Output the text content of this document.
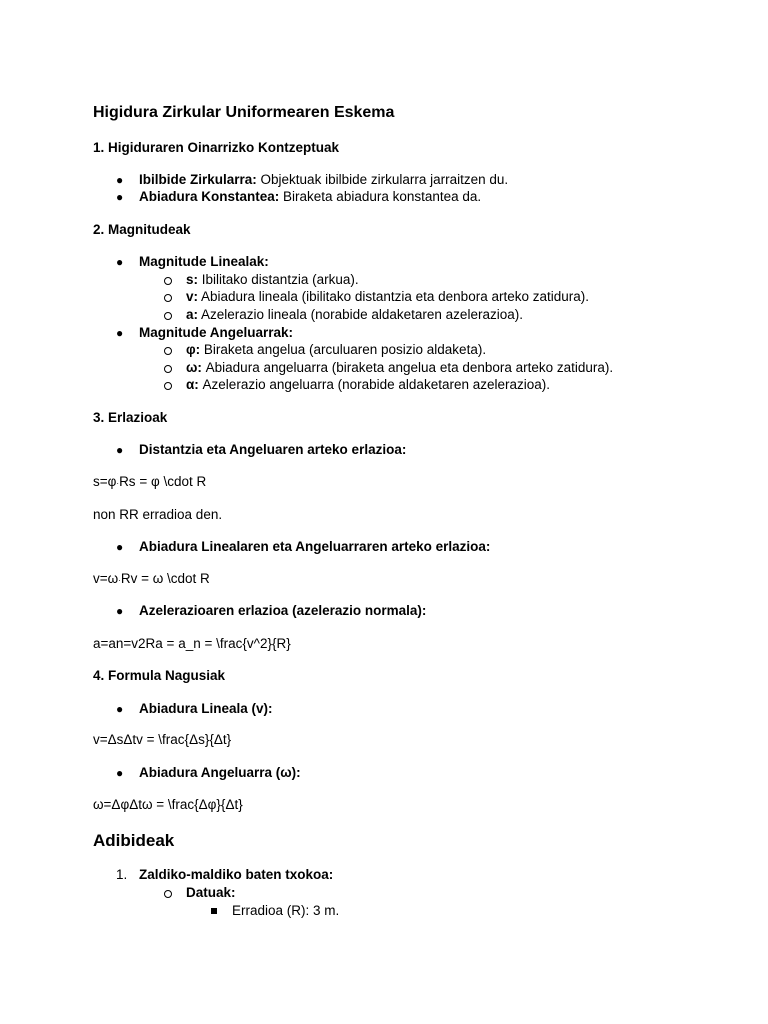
Higidura Zirkular Uniformearen Eskema
1. Higiduraren Oinarrizko Kontzeptuak
● Ibilbide Zirkularra: Objektuak ibilbide zirkularra jarraitzen du.
● Abiadura Konstantea: Biraketa abiadura konstantea da.
2. Magnitudeak
● Magnitude Linealak:
s: Ibilitako distantzia (arkua).
v: Abiadura lineala (ibilitako distantzia eta denbora arteko zatidura).
a: Azelerazio lineala (norabide aldaketaren azelerazioa).
● Magnitude Angeluarrak:
φ: Biraketa angelua (arculuaren posizio aldaketa).
ω: Abiadura angeluarra (biraketa angelua eta denbora arteko zatidura).
α: Azelerazio angeluarra (norabide aldaketaren azelerazioa).
3. Erlazioak
● Distantzia eta Angeluaren arteko erlazioa:
s=φ·Rs = φ \cdot R
non RR erradioa den.
● Abiadura Linealaren eta Angeluarraren arteko erlazioa:
v=ω·Rv = ω \cdot R
● Azelerazioaren erlazioa (azelerazio normala):
a=an=v2Ra = a_n = \frac{v^2}{R}
4. Formula Nagusiak
● Abiadura Lineala (v):
v=ΔsΔtv = \frac{Δs}{Δt}
● Abiadura Angeluarra (ω):
ω=ΔφΔtω = \frac{Δφ}{Δt}
Adibideak
1. Zaldiko-maldiko baten txokoa:
Datuak:
Erradioa (R): 3 m.
